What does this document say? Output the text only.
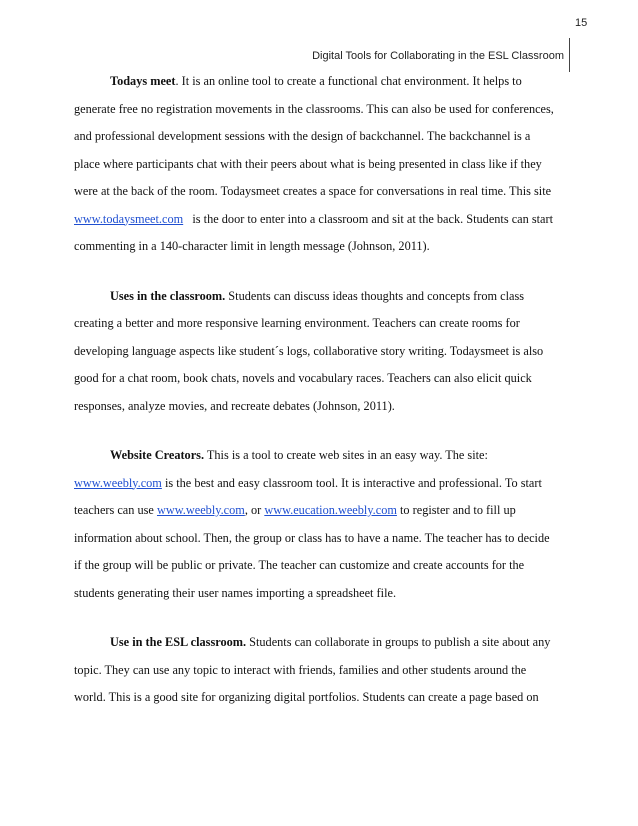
15
Digital Tools for Collaborating in the ESL Classroom
Todays meet. It is an online tool to create a functional chat environment. It helps to
generate free no registration movements in the classrooms. This can also be used for conferences,
and professional development sessions with the design of backchannel. The backchannel is a
place where participants chat with their peers about what is being presented in class like if they
were at the back of the room. Todaysmeet creates a space for conversations in real time. This site
www.todaysmeet.com   is the door to enter into a classroom and sit at the back. Students can start
commenting in a 140-character limit in length message (Johnson, 2011).
Uses in the classroom. Students can discuss ideas thoughts and concepts from class
creating a better and more responsive learning environment. Teachers can create rooms for
developing language aspects like student´s logs, collaborative story writing. Todaysmeet is also
good for a chat room, book chats, novels and vocabulary races. Teachers can also elicit quick
responses, analyze movies, and recreate debates (Johnson, 2011).
Website Creators. This is a tool to create web sites in an easy way. The site:
www.weebly.com is the best and easy classroom tool. It is interactive and professional. To start
teachers can use www.weebly.com, or www.eucation.weebly.com to register and to fill up
information about school. Then, the group or class has to have a name. The teacher has to decide
if the group will be public or private. The teacher can customize and create accounts for the
students generating their user names importing a spreadsheet file.
Use in the ESL classroom. Students can collaborate in groups to publish a site about any
topic. They can use any topic to interact with friends, families and other students around the
world. This is a good site for organizing digital portfolios. Students can create a page based on
